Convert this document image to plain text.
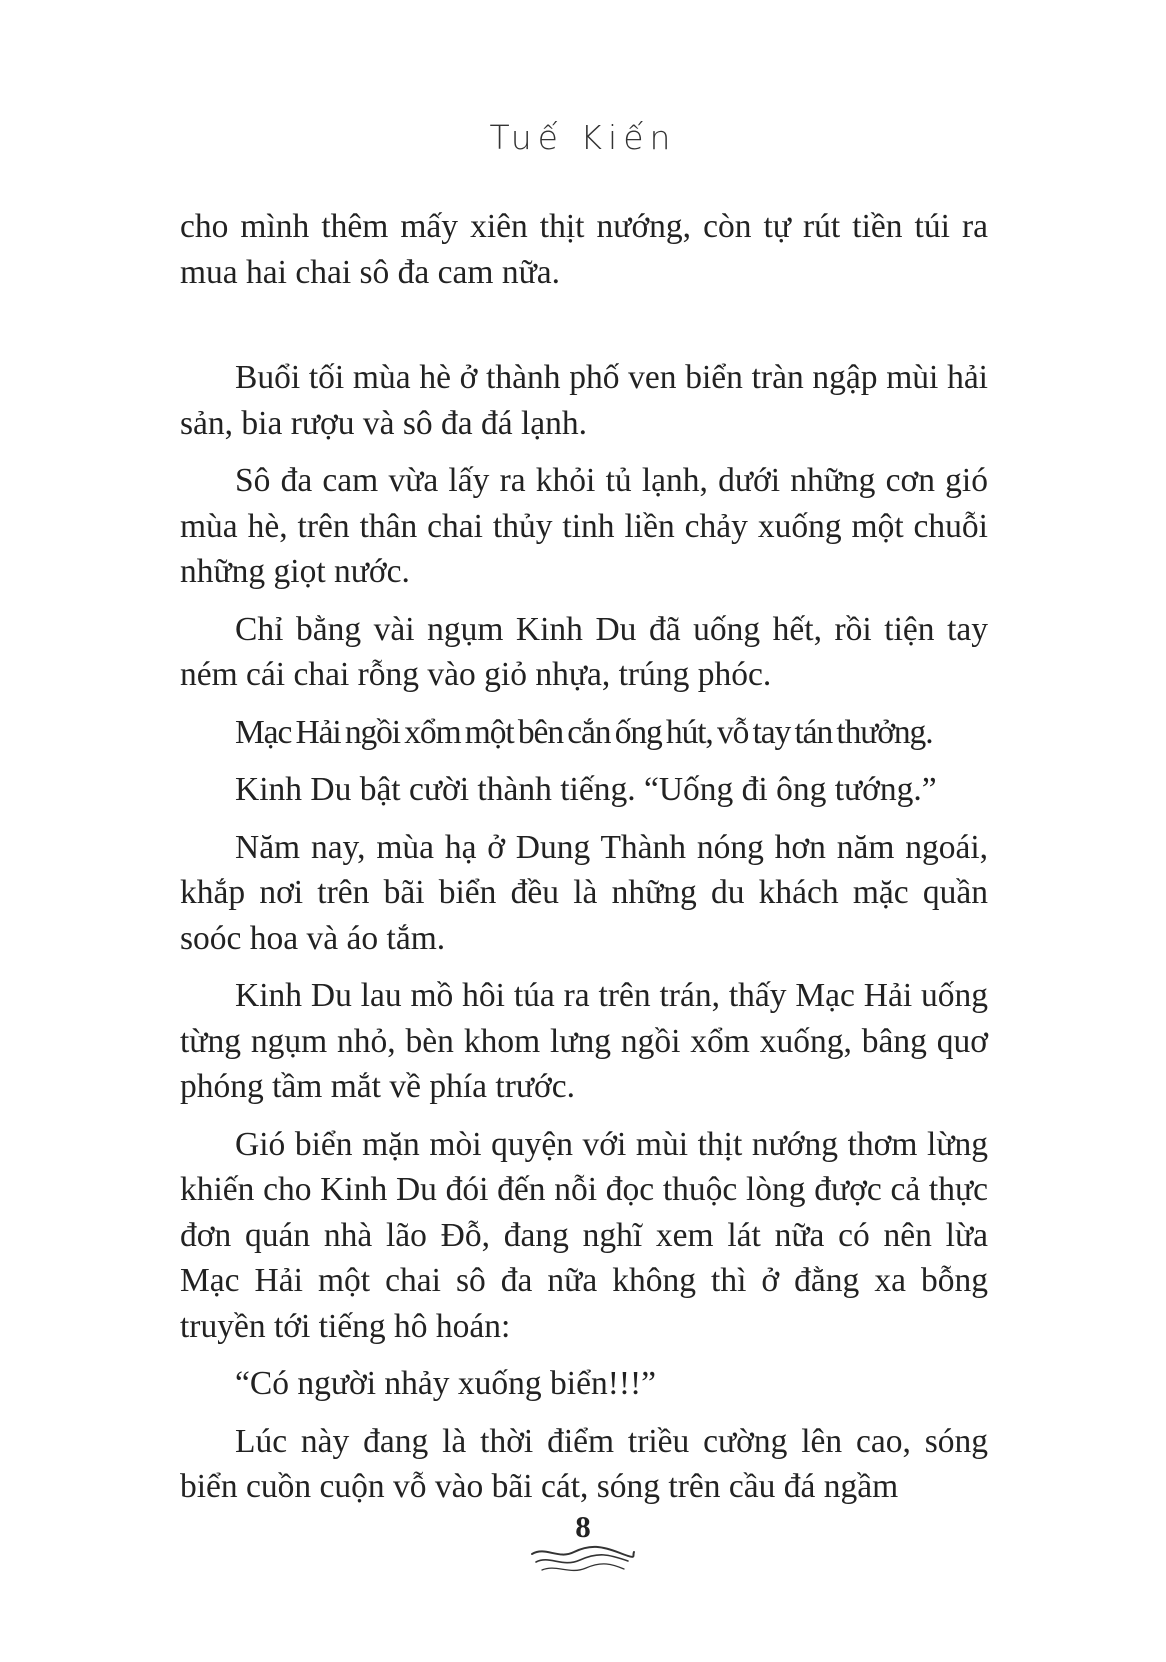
Tuế Kiến

cho mình thêm mấy xiên thịt nướng, còn tự rút tiền túi ra mua hai chai sô đa cam nữa.

Buổi tối mùa hè ở thành phố ven biển tràn ngập mùi hải sản, bia rượu và sô đa đá lạnh.

Sô đa cam vừa lấy ra khỏi tủ lạnh, dưới những cơn gió mùa hè, trên thân chai thủy tinh liền chảy xuống một chuỗi những giọt nước.

Chỉ bằng vài ngụm Kinh Du đã uống hết, rồi tiện tay ném cái chai rỗng vào giỏ nhựa, trúng phóc.

Mạc Hải ngồi xổm một bên cắn ống hút, vỗ tay tán thưởng.

Kinh Du bật cười thành tiếng. “Uống đi ông tướng.”

Năm nay, mùa hạ ở Dung Thành nóng hơn năm ngoái, khắp nơi trên bãi biển đều là những du khách mặc quần soóc hoa và áo tắm.

Kinh Du lau mồ hôi túa ra trên trán, thấy Mạc Hải uống từng ngụm nhỏ, bèn khom lưng ngồi xổm xuống, bâng quơ phóng tầm mắt về phía trước.

Gió biển mặn mòi quyện với mùi thịt nướng thơm lừng khiến cho Kinh Du đói đến nỗi đọc thuộc lòng được cả thực đơn quán nhà lão Đỗ, đang nghĩ xem lát nữa có nên lừa Mạc Hải một chai sô đa nữa không thì ở đằng xa bỗng truyền tới tiếng hô hoán:

“Có người nhảy xuống biển!!!”

Lúc này đang là thời điểm triều cường lên cao, sóng biển cuồn cuộn vỗ vào bãi cát, sóng trên cầu đá ngầm

8
